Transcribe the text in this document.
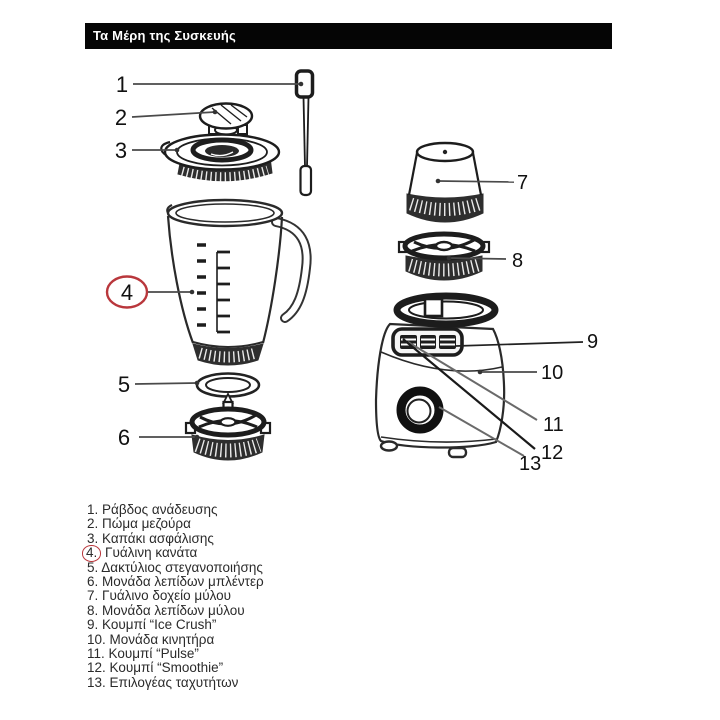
Τα Μέρη της Συσκευής
1
2
3
4
5
6
7
8
9
10
11
12
13
1. Ράβδος ανάδευσης
2. Πώμα μεζούρα
3. Καπάκι ασφάλισης
4. Γυάλινη κανάτα
5. Δακτύλιος στεγανοποιήσης
6. Μονάδα λεπίδων μπλέντερ
7. Γυάλινο δοχείο μύλου
8. Μονάδα λεπίδων μύλου
9. Κουμπί “Ice Crush”
10. Μονάδα κινητήρα
11. Κουμπί “Pulse”
12. Κουμπί “Smoothie”
13. Επιλογέας ταχυτήτων
